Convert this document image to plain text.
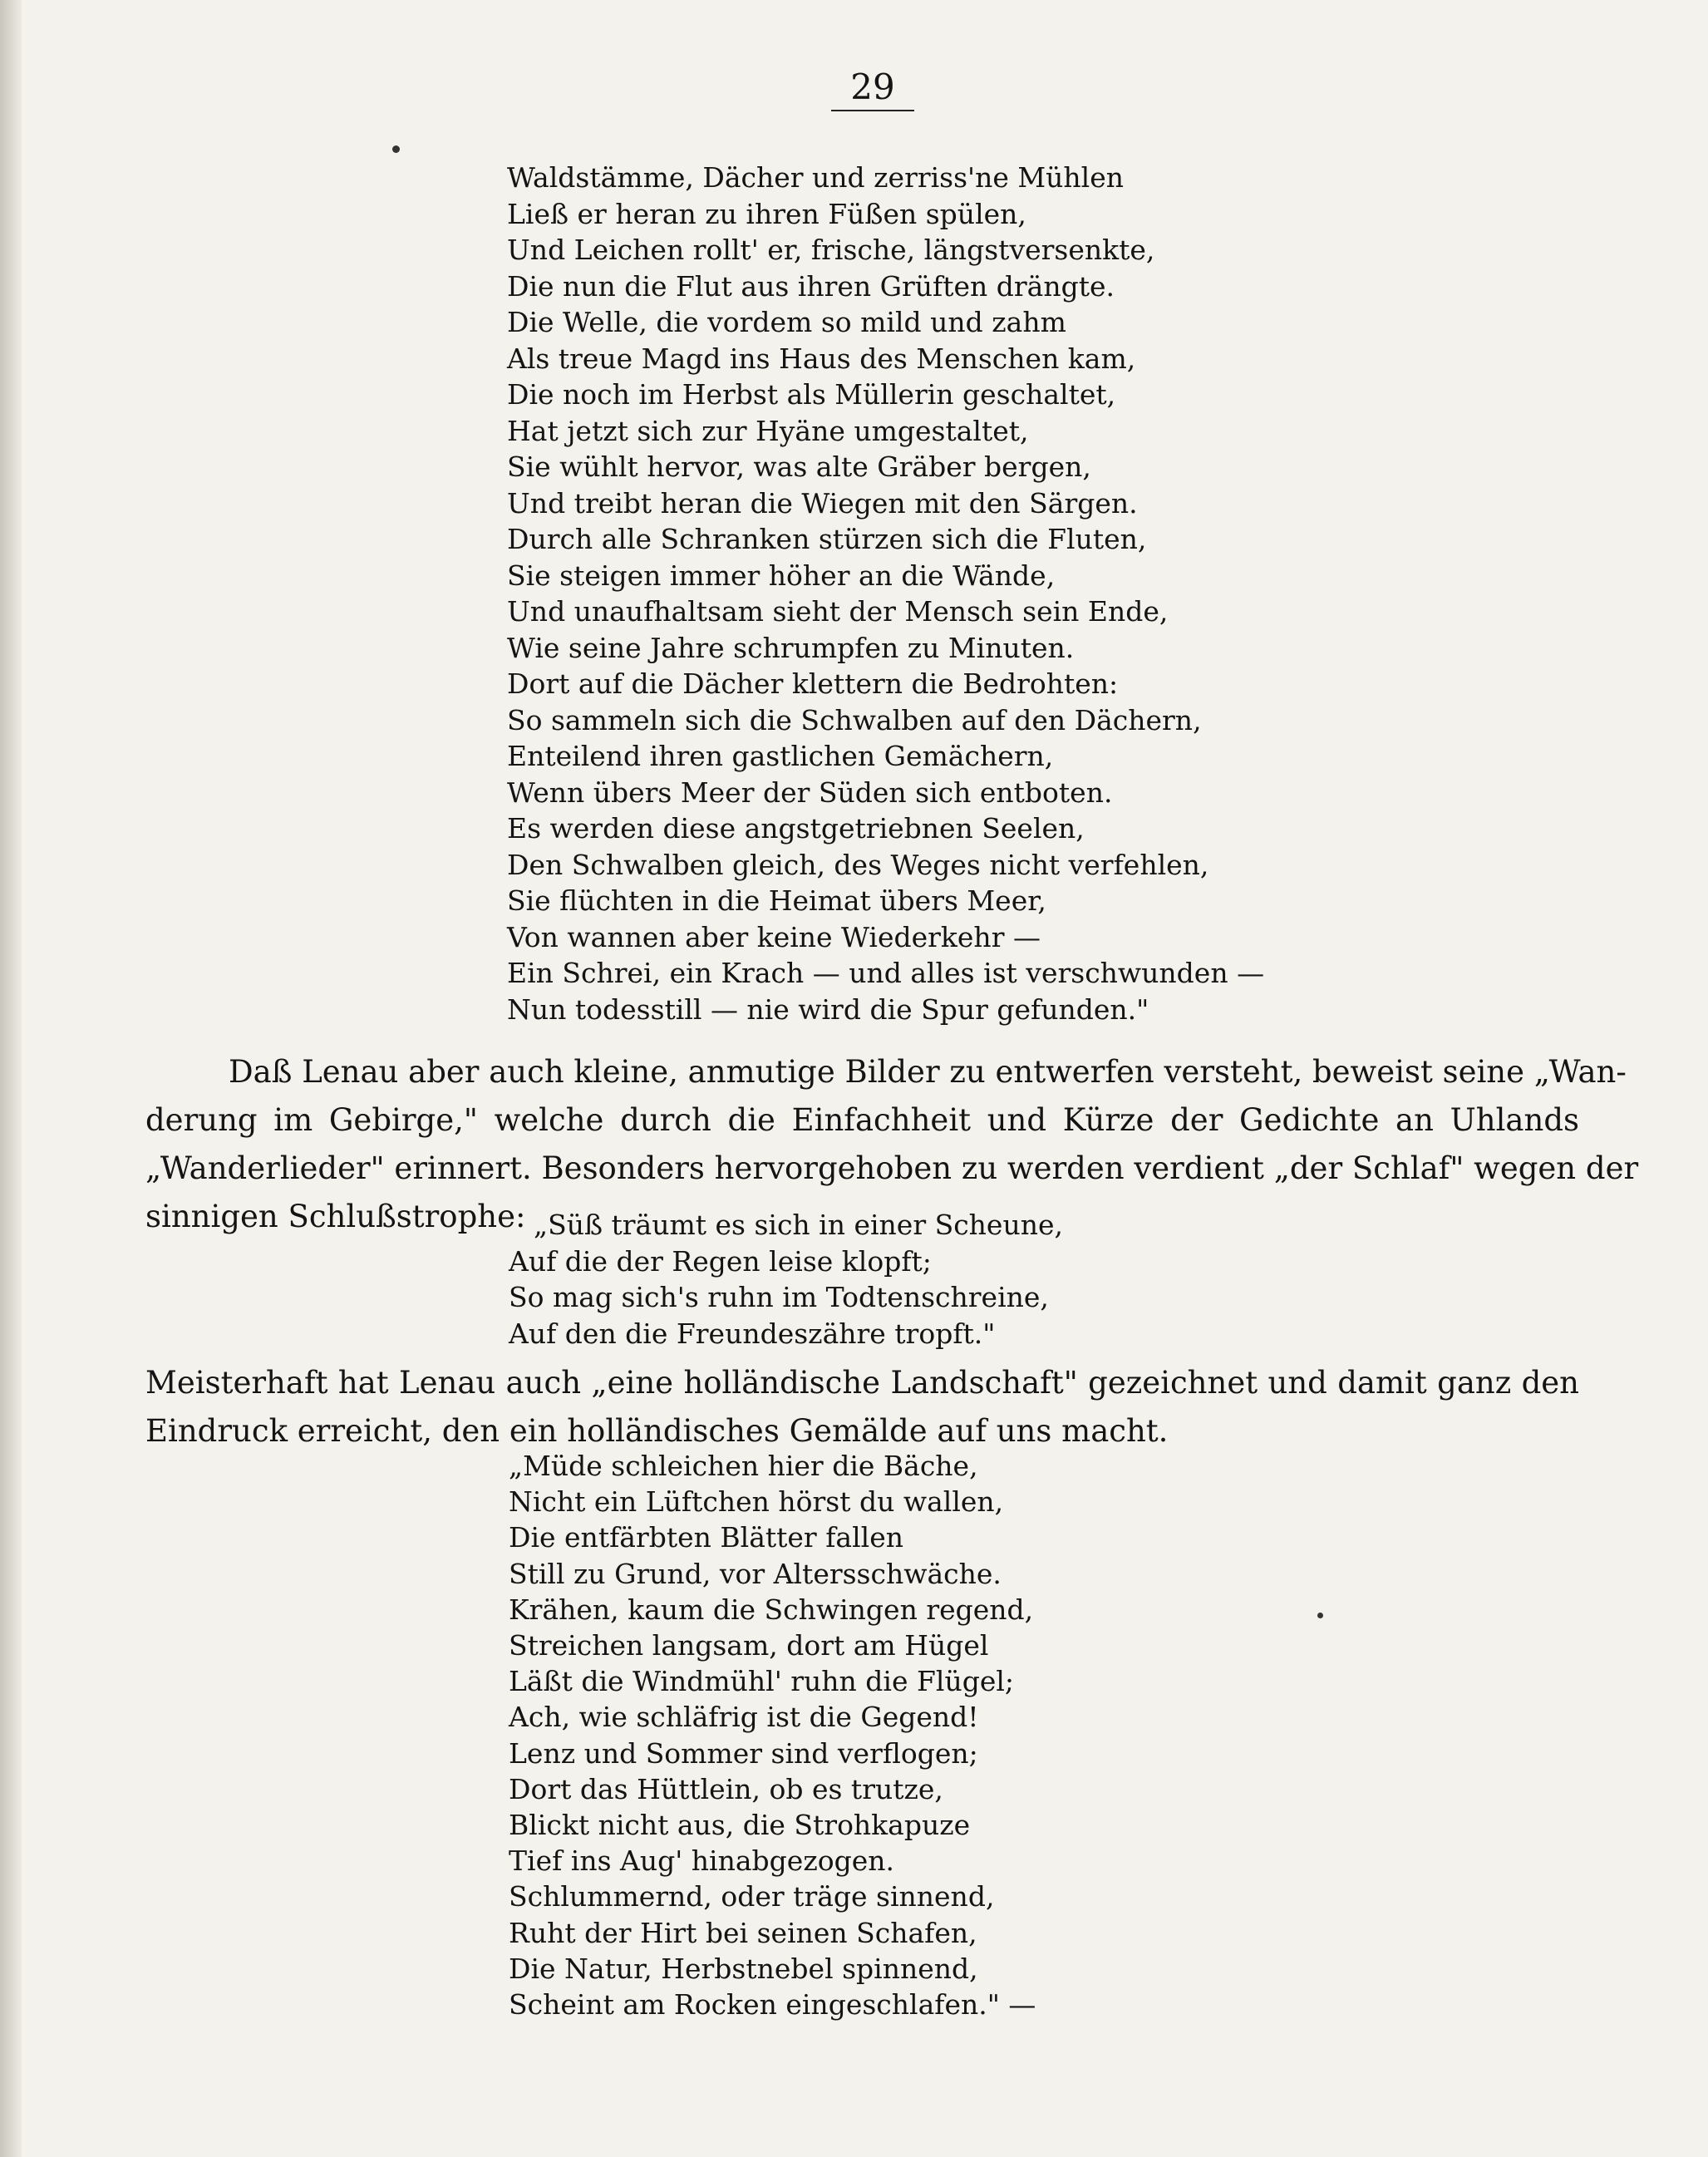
29
Waldstämme, Dächer und zerriss'ne Mühlen
Ließ er heran zu ihren Füßen spülen,
Und Leichen rollt' er, frische, längstversenkte,
Die nun die Flut aus ihren Grüften drängte.
Die Welle, die vordem so mild und zahm
Als treue Magd ins Haus des Menschen kam,
Die noch im Herbst als Müllerin geschaltet,
Hat jetzt sich zur Hyäne umgestaltet,
Sie wühlt hervor, was alte Gräber bergen,
Und treibt heran die Wiegen mit den Särgen.
Durch alle Schranken stürzen sich die Fluten,
Sie steigen immer höher an die Wände,
Und unaufhaltsam sieht der Mensch sein Ende,
Wie seine Jahre schrumpfen zu Minuten.
Dort auf die Dächer klettern die Bedrohten:
So sammeln sich die Schwalben auf den Dächern,
Enteilend ihren gastlichen Gemächern,
Wenn übers Meer der Süden sich entboten.
Es werden diese angstgetriebnen Seelen,
Den Schwalben gleich, des Weges nicht verfehlen,
Sie flüchten in die Heimat übers Meer,
Von wannen aber keine Wiederkehr —
Ein Schrei, ein Krach — und alles ist verschwunden —
Nun todesstill — nie wird die Spur gefunden."
Daß Lenau aber auch kleine, anmutige Bilder zu entwerfen versteht, beweist seine „Wan-
derung im Gebirge," welche durch die Einfachheit und Kürze der Gedichte an Uhlands
„Wanderlieder" erinnert. Besonders hervorgehoben zu werden verdient „der Schlaf" wegen der
sinnigen Schlußstrophe: „Süß träumt es sich in einer Scheune,
Auf die der Regen leise klopft;
So mag sich's ruhn im Todtenschreine,
Auf den die Freundeszähre tropft."
Meisterhaft hat Lenau auch „eine holländische Landschaft" gezeichnet und damit ganz den
Eindruck erreicht, den ein holländisches Gemälde auf uns macht.
„Müde schleichen hier die Bäche,
Nicht ein Lüftchen hörst du wallen,
Die entfärbten Blätter fallen
Still zu Grund, vor Altersschwäche.
Krähen, kaum die Schwingen regend,
Streichen langsam, dort am Hügel
Läßt die Windmühl' ruhn die Flügel;
Ach, wie schläfrig ist die Gegend!
Lenz und Sommer sind verflogen;
Dort das Hüttlein, ob es trutze,
Blickt nicht aus, die Strohkapuze
Tief ins Aug' hinabgezogen.
Schlummernd, oder träge sinnend,
Ruht der Hirt bei seinen Schafen,
Die Natur, Herbstnebel spinnend,
Scheint am Rocken eingeschlafen." —
